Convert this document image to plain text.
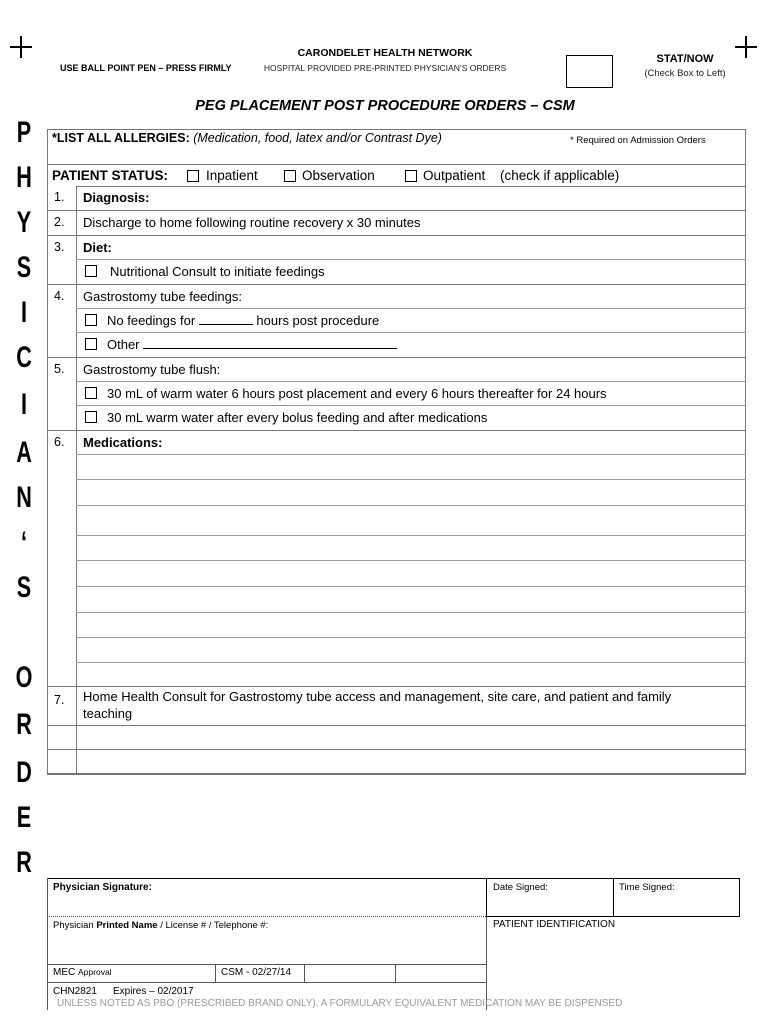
USE BALL POINT PEN – PRESS FIRMLY
CARONDELET HEALTH NETWORK
HOSPITAL PROVIDED PRE-PRINTED PHYSICIAN’S ORDERS
STAT/NOW
(Check Box to Left)
P
H
Y
S
I
C
I
A
N
‘
S
O
R
D
E
R
PEG PLACEMENT POST PROCEDURE ORDERS – CSM
*LIST ALL ALLERGIES: (Medication, food, latex and/or Contrast Dye)	* Required on Admission Orders
PATIENT STATUS:	Inpatient	Observation	Outpatient (check if applicable)
1. Diagnosis:
2. Discharge to home following routine recovery x 30 minutes
3. Diet:
Nutritional Consult to initiate feedings
4. Gastrostomy tube feedings:
No feedings for	hours post procedure
Other
5. Gastrostomy tube flush:
30 mL of warm water 6 hours post placement and every 6 hours thereafter for 24 hours
30 mL warm water after every bolus feeding and after medications
6. Medications:
7. Home Health Consult for Gastrostomy tube access and management, site care, and patient and family
teaching
Physician Signature:	Date Signed:	Time Signed:
Physician Printed Name / License # / Telephone #:	PATIENT IDENTIFICATION
MEC Approval	CSM - 02/27/14
CHN2821 Expires – 02/2017
UNLESS NOTED AS PBO (PRESCRIBED BRAND ONLY), A FORMULARY EQUIVALENT MEDICATION MAY BE DISPENSED
